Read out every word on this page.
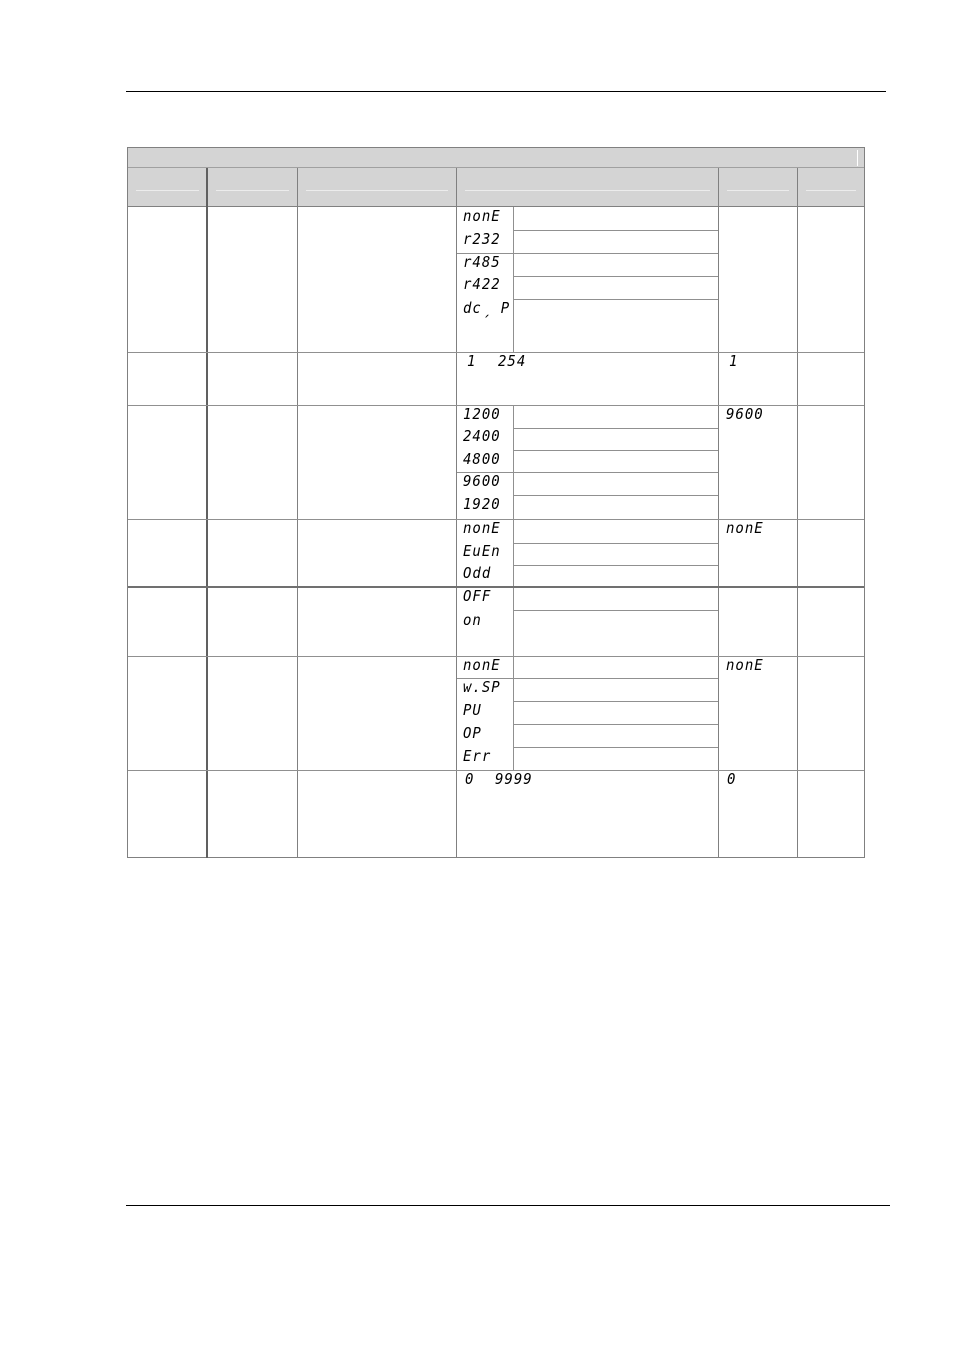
nonE
r232
r485
r422
dcˏ P
1 254	1
1200
2400
4800
9600
1920
9600
nonE
EuEn
Odd
nonE
OFF
on
nonE
w.SP
PU
OP
Err
nonE
0 9999	0
